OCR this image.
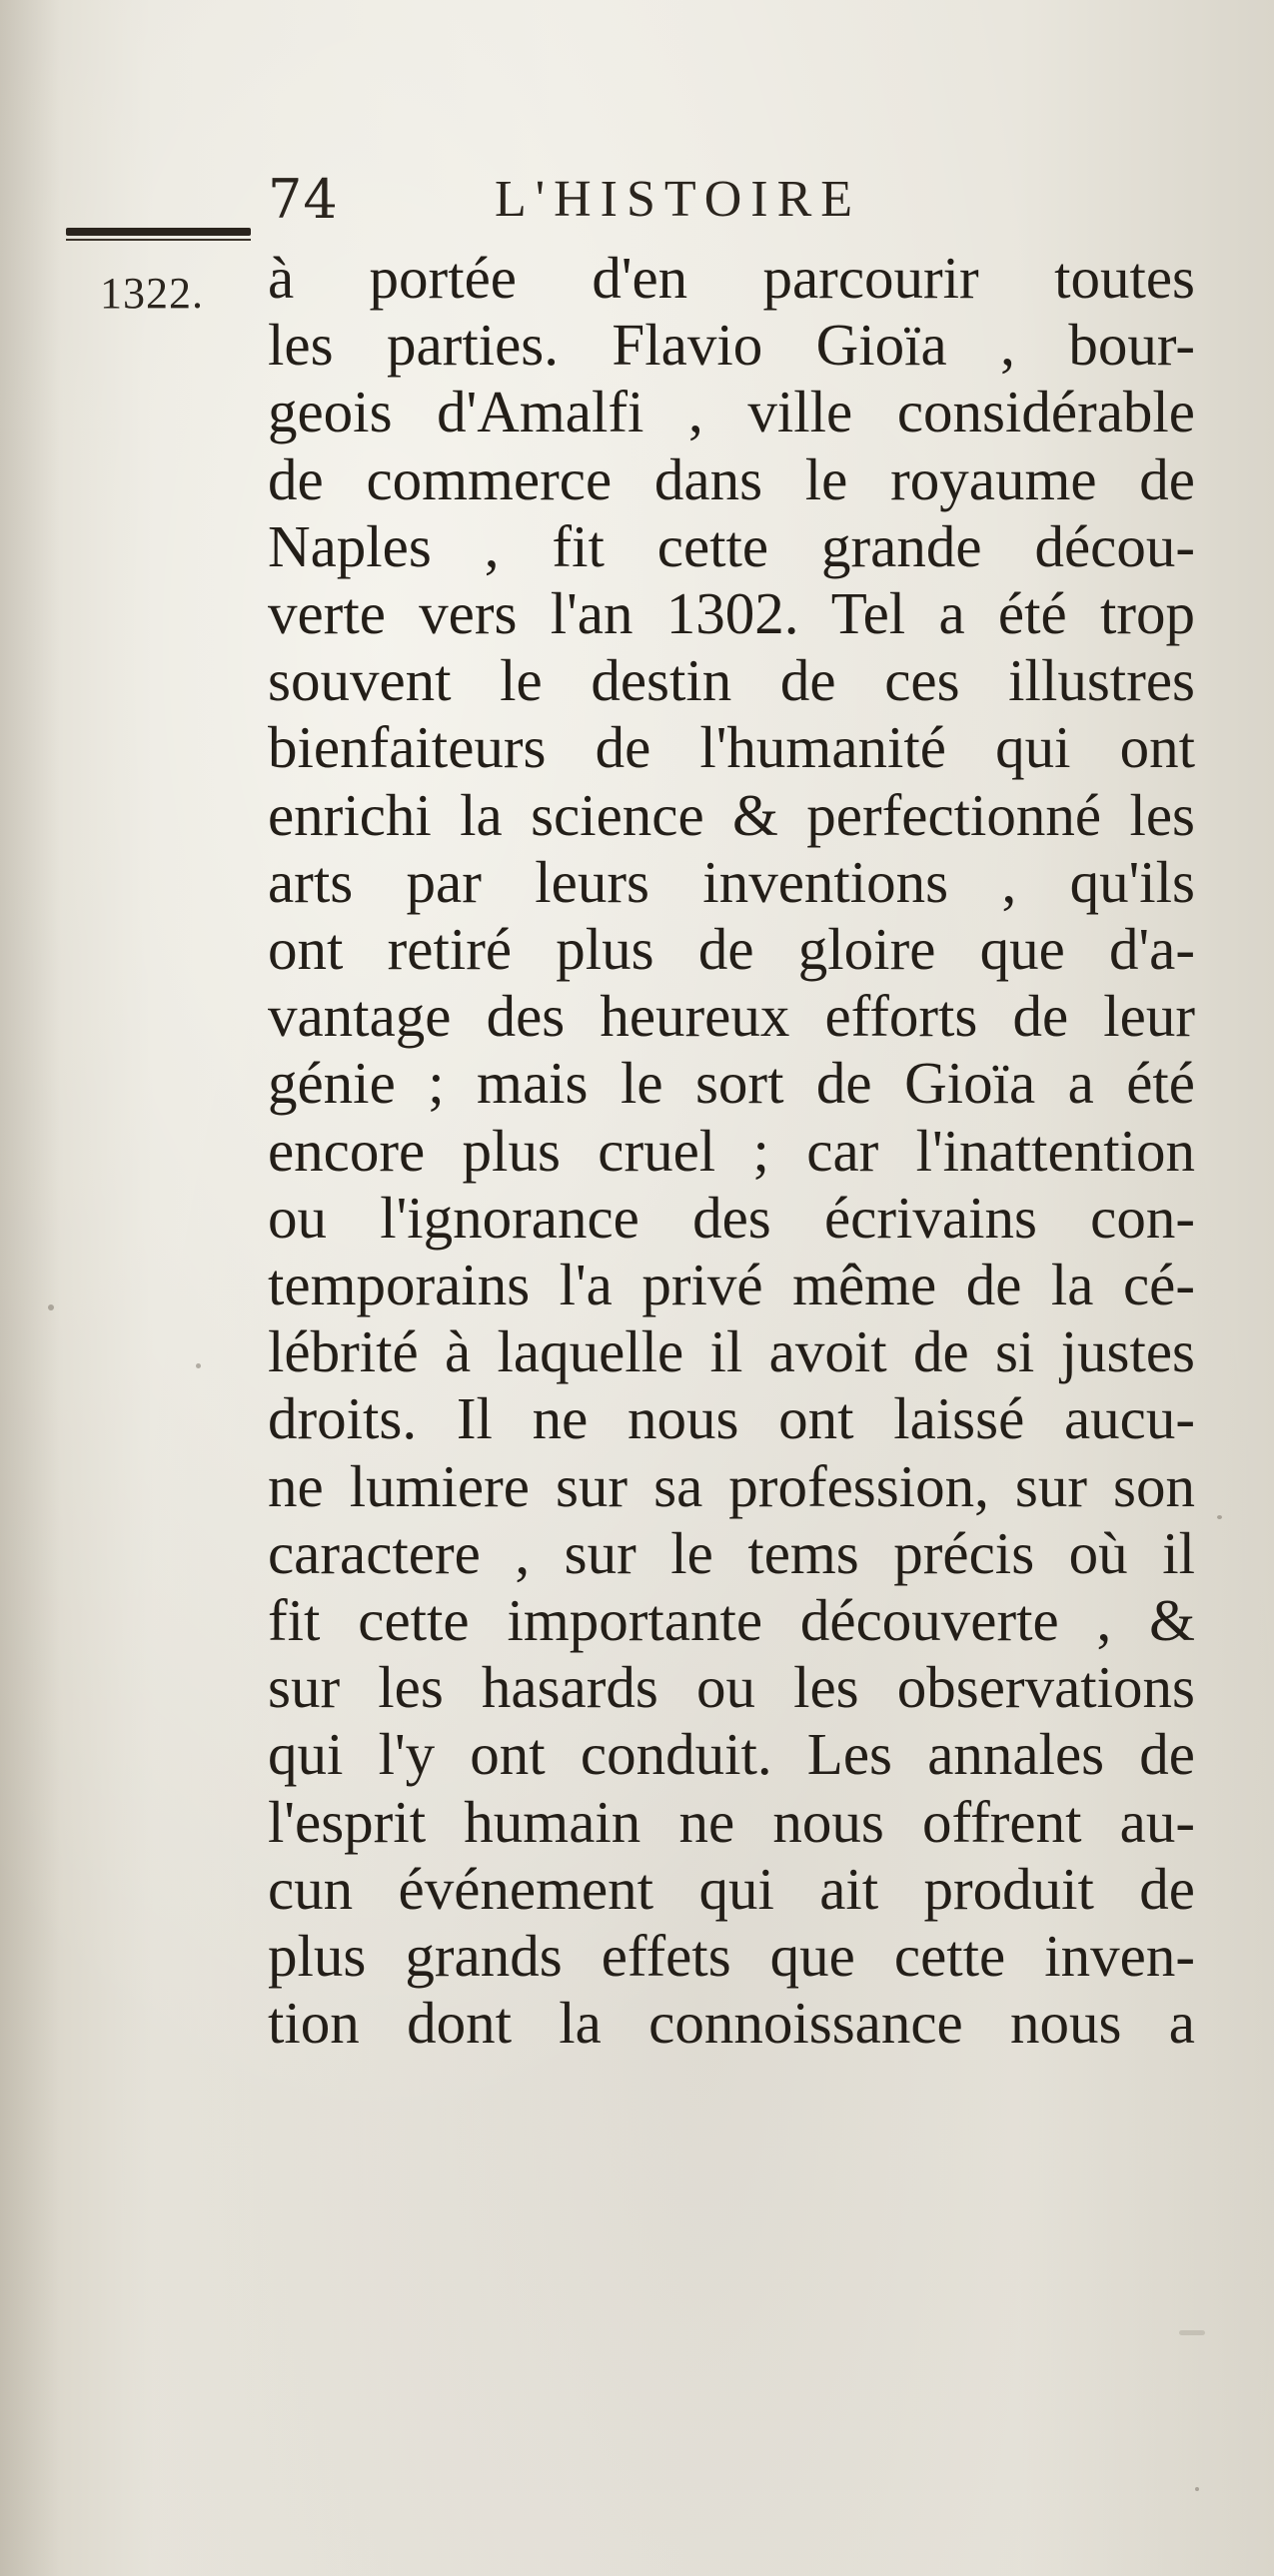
74	L'HISTOIRE
1322. à portée d'en parcourir toutes
les parties. Flavio Gioïa , bour-
geois d'Amalfi , ville considérable
de commerce dans le royaume de
Naples , fit cette grande décou-
verte vers l'an 1302. Tel a été trop
souvent le destin de ces illustres
bienfaiteurs de l'humanité qui ont
enrichi la science & perfectionné les
arts par leurs inventions , qu'ils
ont retiré plus de gloire que d'a-
vantage des heureux efforts de leur
génie ; mais le sort de Gioïa a été
encore plus cruel ; car l'inattention
ou l'ignorance des écrivains con-
temporains l'a privé même de la cé-
lébrité à laquelle il avoit de si justes
droits. Il ne nous ont laissé aucu-
ne lumiere sur sa profession, sur son
caractere , sur le tems précis où il
fit cette importante découverte , &
sur les hasards ou les observations
qui l'y ont conduit. Les annales de
l'esprit humain ne nous offrent au-
cun événement qui ait produit de
plus grands effets que cette inven-
tion dont la connoissance nous a
